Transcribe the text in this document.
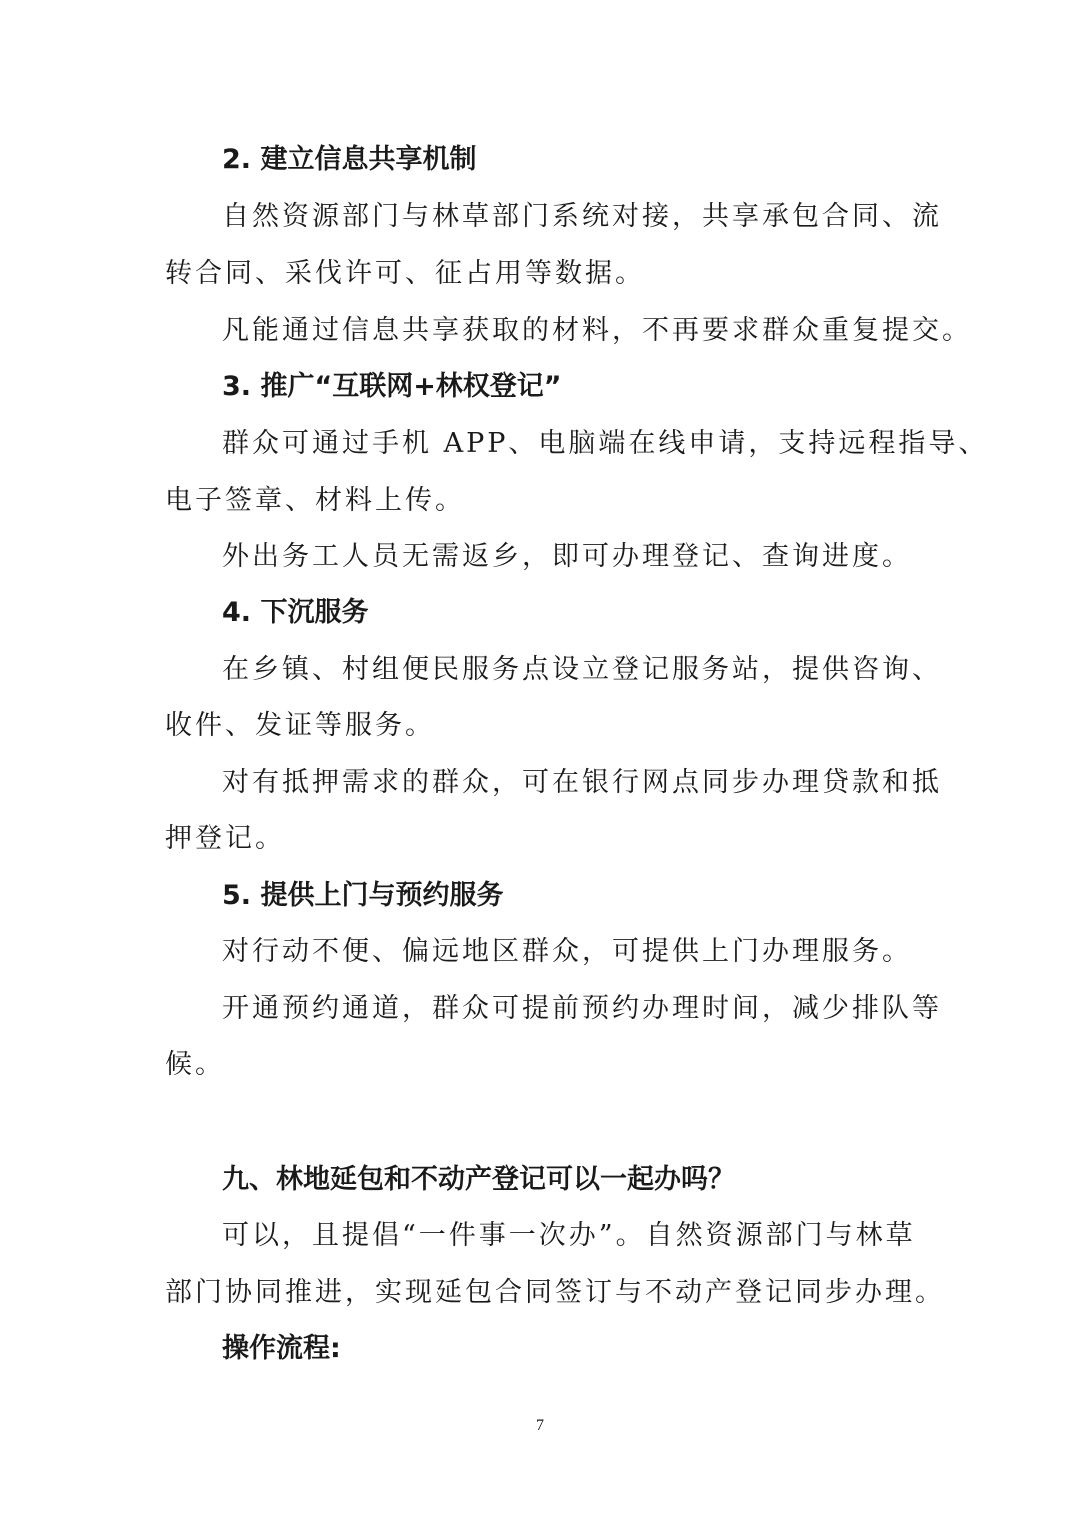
2. 建立信息共享机制
自然资源部门与林草部门系统对接，共享承包合同、流
转合同、采伐许可、征占用等数据。
凡能通过信息共享获取的材料，不再要求群众重复提交。
3. 推广“互联网+林权登记”
群众可通过手机 APP、电脑端在线申请，支持远程指导、
电子签章、材料上传。
外出务工人员无需返乡，即可办理登记、查询进度。
4. 下沉服务
在乡镇、村组便民服务点设立登记服务站，提供咨询、
收件、发证等服务。
对有抵押需求的群众，可在银行网点同步办理贷款和抵
押登记。
5. 提供上门与预约服务
对行动不便、偏远地区群众，可提供上门办理服务。
开通预约通道，群众可提前预约办理时间，减少排队等
候。
九、林地延包和不动产登记可以一起办吗？
可以，且提倡“一件事一次办”。自然资源部门与林草
部门协同推进，实现延包合同签订与不动产登记同步办理。
操作流程:
7
